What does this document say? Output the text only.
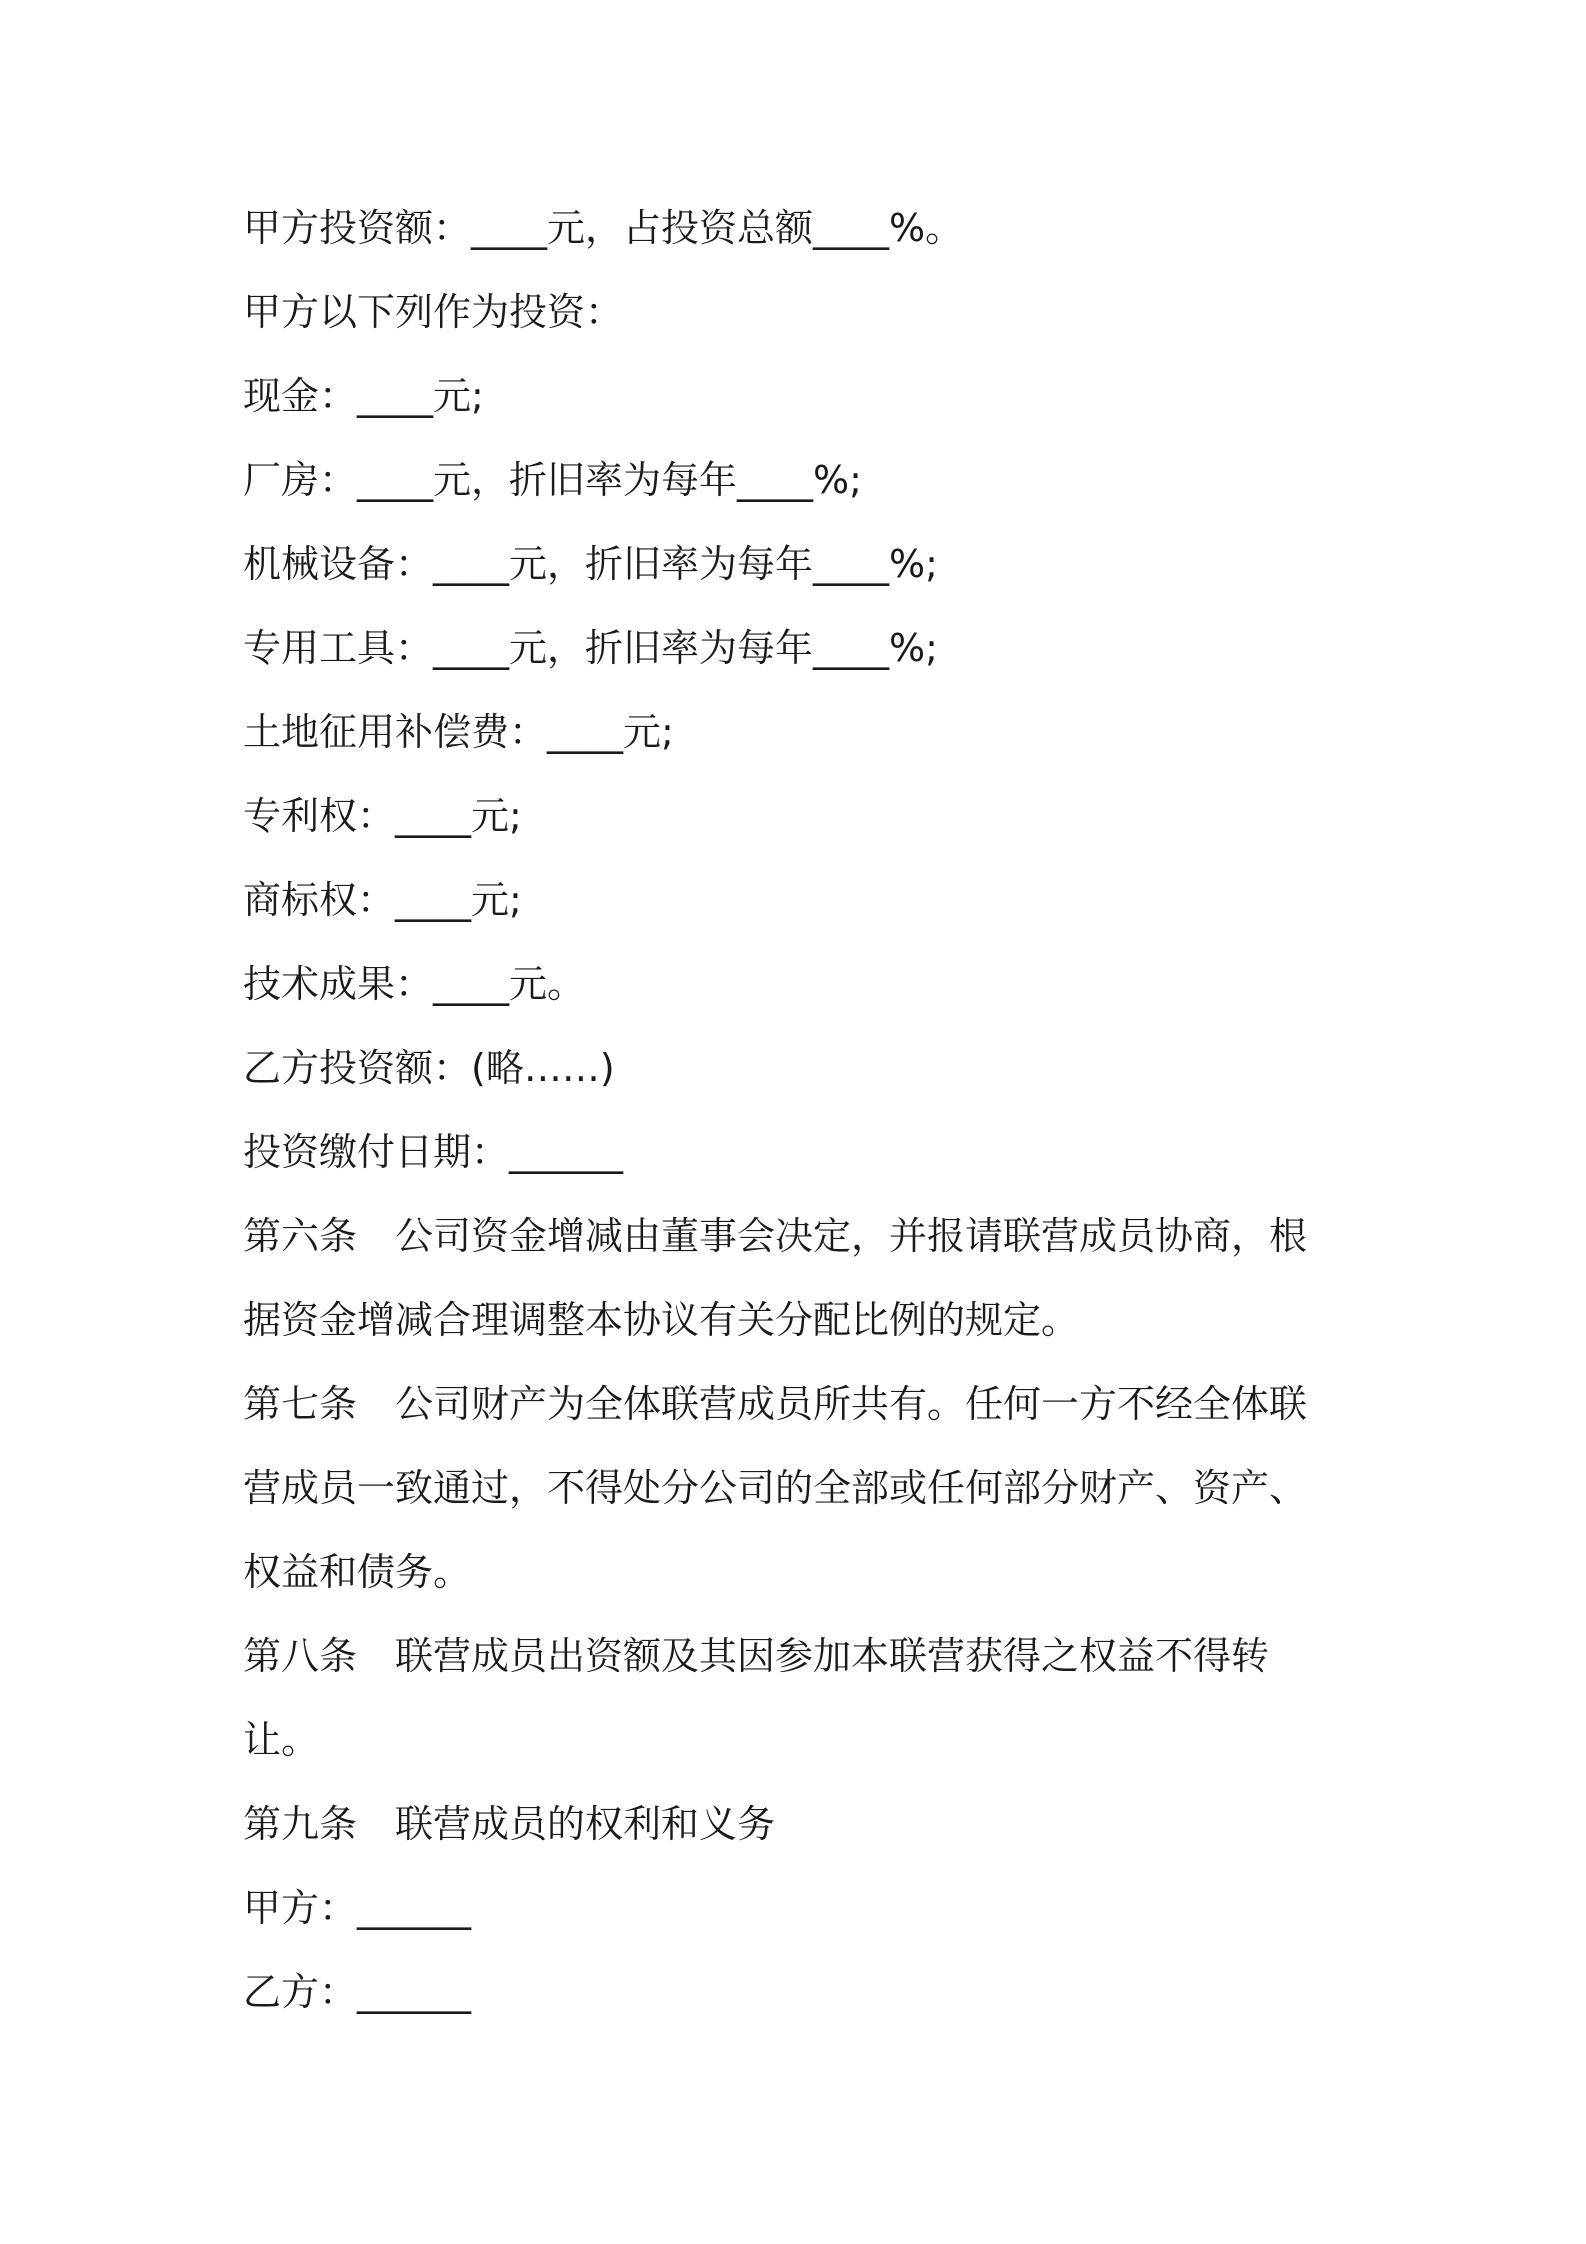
甲方投资额：____元，占投资总额____%。
甲方以下列作为投资：
现金：____元;
厂房：____元，折旧率为每年____%;
机械设备：____元，折旧率为每年____%;
专用工具：____元，折旧率为每年____%;
土地征用补偿费：____元;
专利权：____元;
商标权：____元;
技术成果：____元。
乙方投资额：(略……)
投资缴付日期：______
第六条　公司资金增减由董事会决定，并报请联营成员协商，根
据资金增减合理调整本协议有关分配比例的规定。
第七条　公司财产为全体联营成员所共有。任何一方不经全体联
营成员一致通过，不得处分公司的全部或任何部分财产、资产、
权益和债务。
第八条　联营成员出资额及其因参加本联营获得之权益不得转
让。
第九条　联营成员的权利和义务
甲方：______
乙方：______
